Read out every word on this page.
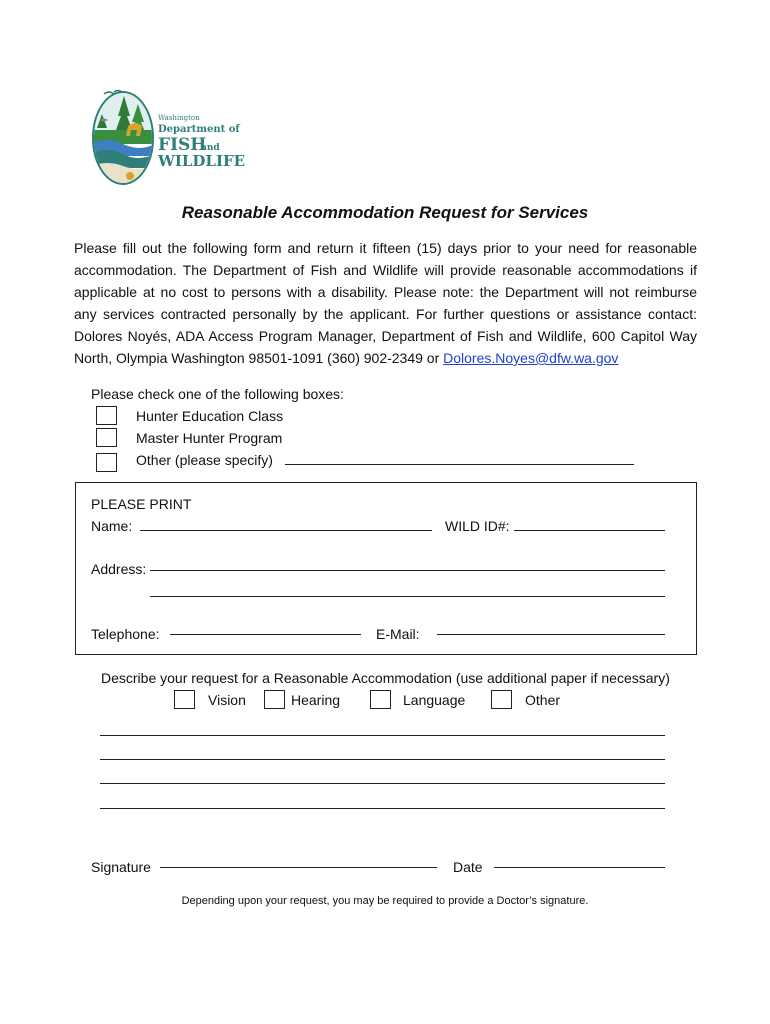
Washington
Department of
FISH
and
WILDLIFE
Reasonable Accommodation Request for Services
Please fill out the following form and return it fifteen (15) days prior to your need for reasonable
accommodation. The Department of Fish and Wildlife will provide reasonable accommodations if
applicable at no cost to persons with a disability. Please note: the Department will not reimburse
any services contracted personally by the applicant. For further questions or assistance contact:
Dolores Noyés, ADA Access Program Manager, Department of Fish and Wildlife, 600 Capitol Way
North, Olympia Washington 98501-1091 (360) 902-2349 or Dolores.Noyes@dfw.wa.gov
Please check one of the following boxes:
Hunter Education Class
Master Hunter Program
Other (please specify)
PLEASE PRINT
Name:	WILD ID#:
Address:
Telephone:	E-Mail:
Describe your request for a Reasonable Accommodation (use additional paper if necessary)
Vision	Hearing	Language	Other
Signature	Date
Depending upon your request, you may be required to provide a Doctor’s signature.
